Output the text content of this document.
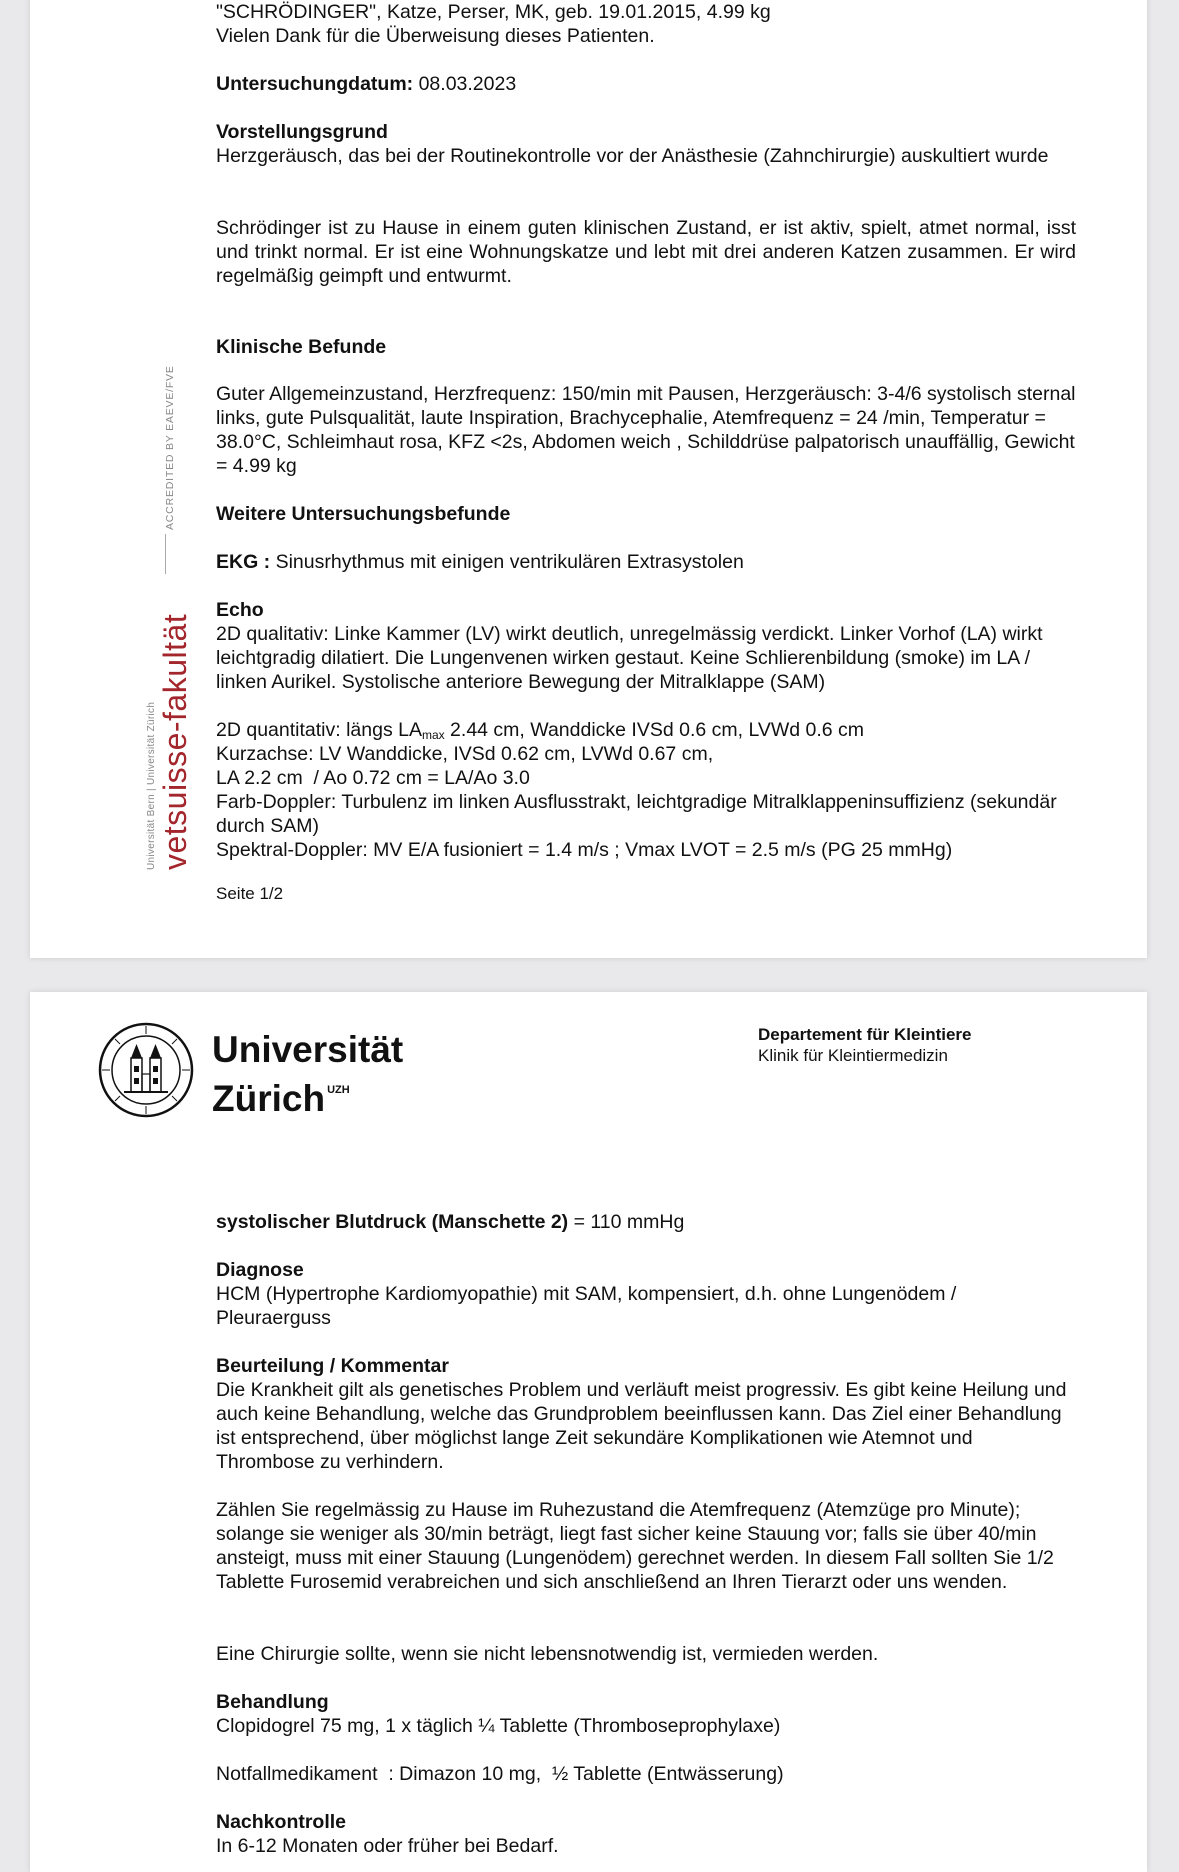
"SCHRÖDINGER", Katze, Perser, MK, geb. 19.01.2015, 4.99 kg
Vielen Dank für die Überweisung dieses Patienten.
Untersuchungdatum: 08.03.2023
Vorstellungsgrund
Herzgeräusch, das bei der Routinekontrolle vor der Anästhesie (Zahnchirurgie) auskultiert wurde
Schrödinger ist zu Hause in einem guten klinischen Zustand, er ist aktiv, spielt, atmet normal, isst und trinkt normal. Er ist eine Wohnungskatze und lebt mit drei anderen Katzen zusammen. Er wird regelmäßig geimpft und entwurmt.
Klinische Befunde
Guter Allgemeinzustand, Herzfrequenz: 150/min mit Pausen, Herzgeräusch: 3-4/6 systolisch sternal links, gute Pulsqualität, laute Inspiration, Brachycephalie, Atemfrequenz = 24 /min, Temperatur = 38.0°C, Schleimhaut rosa, KFZ <2s, Abdomen weich , Schilddrüse palpatorisch unauffällig, Gewicht = 4.99 kg
Weitere Untersuchungsbefunde
EKG : Sinusrhythmus mit einigen ventrikulären Extrasystolen
Echo
2D qualitativ: Linke Kammer (LV) wirkt deutlich, unregelmässig verdickt. Linker Vorhof (LA) wirkt leichtgradig dilatiert. Die Lungenvenen wirken gestaut. Keine Schlierenbildung (smoke) im LA / linken Aurikel. Systolische anteriore Bewegung der Mitralklappe (SAM)
2D quantitativ: längs $LA_{max}$ 2.44 cm, Wanddicke IVSd 0.6 cm, LVWd 0.6 cm
Kurzachse: LV Wanddicke, IVSd 0.62 cm, LVWd 0.67 cm,
LA 2.2 cm  / Ao 0.72 cm = LA/Ao 3.0
Farb-Doppler: Turbulenz im linken Ausflusstrakt, leichtgradige Mitralklappeninsuffizienz (sekundär durch SAM)
Spektral-Doppler: MV E/A fusioniert = 1.4 m/s ; Vmax LVOT = 2.5 m/s (PG 25 mmHg)
Seite 1/2
Universität Bern | Universität Zürich vetsuisse-fakultät
ACCREDITED BY EAEVE/FVE
Universität
Zürich $^{UZH}$
Departement für Kleintiere
Klinik für Kleintiermedizin
systolischer Blutdruck (Manschette 2) = 110 mmHg
Diagnose
HCM (Hypertrophe Kardiomyopathie) mit SAM, kompensiert, d.h. ohne Lungenödem / Pleuraerguss
Beurteilung / Kommentar
Die Krankheit gilt als genetisches Problem und verläuft meist progressiv. Es gibt keine Heilung und auch keine Behandlung, welche das Grundproblem beeinflussen kann. Das Ziel einer Behandlung ist entsprechend, über möglichst lange Zeit sekundäre Komplikationen wie Atemnot und Thrombose zu verhindern.
Zählen Sie regelmässig zu Hause im Ruhezustand die Atemfrequenz (Atemzüge pro Minute); solange sie weniger als 30/min beträgt, liegt fast sicher keine Stauung vor; falls sie über 40/min ansteigt, muss mit einer Stauung (Lungenödem) gerechnet werden. In diesem Fall sollten Sie 1/2 Tablette Furosemid verabreichen und sich anschließend an Ihren Tierarzt oder uns wenden.
Eine Chirurgie sollte, wenn sie nicht lebensnotwendig ist, vermieden werden.
Behandlung
Clopidogrel 75 mg, 1 x täglich ¼ Tablette (Thromboseprophylaxe)
Notfallmedikament  : Dimazon 10 mg,  ½ Tablette (Entwässerung)
Nachkontrolle
In 6-12 Monaten oder früher bei Bedarf.
